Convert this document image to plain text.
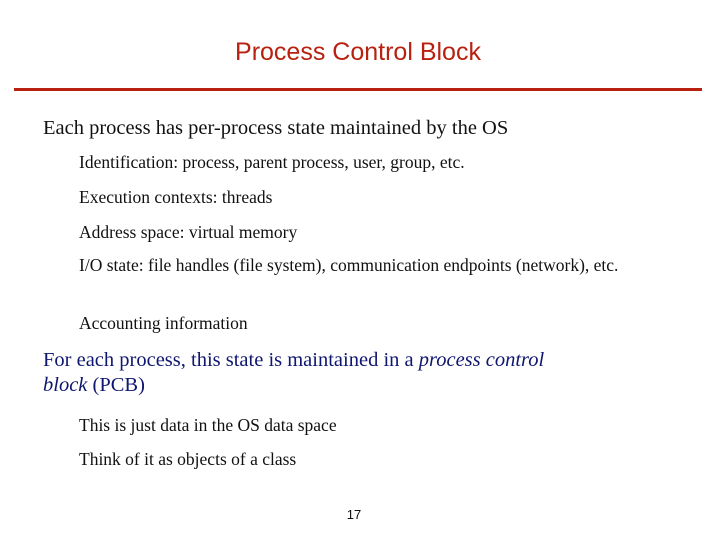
Process Control Block
Each process has per-process state maintained by the OS
Identification: process, parent process, user, group, etc.
Execution contexts: threads
Address space: virtual memory
I/O state: file handles (file system), communication endpoints (network), etc.
Accounting information
For each process, this state is maintained in a process control
block (PCB)
This is just data in the OS data space
Think of it as objects of a class
17
